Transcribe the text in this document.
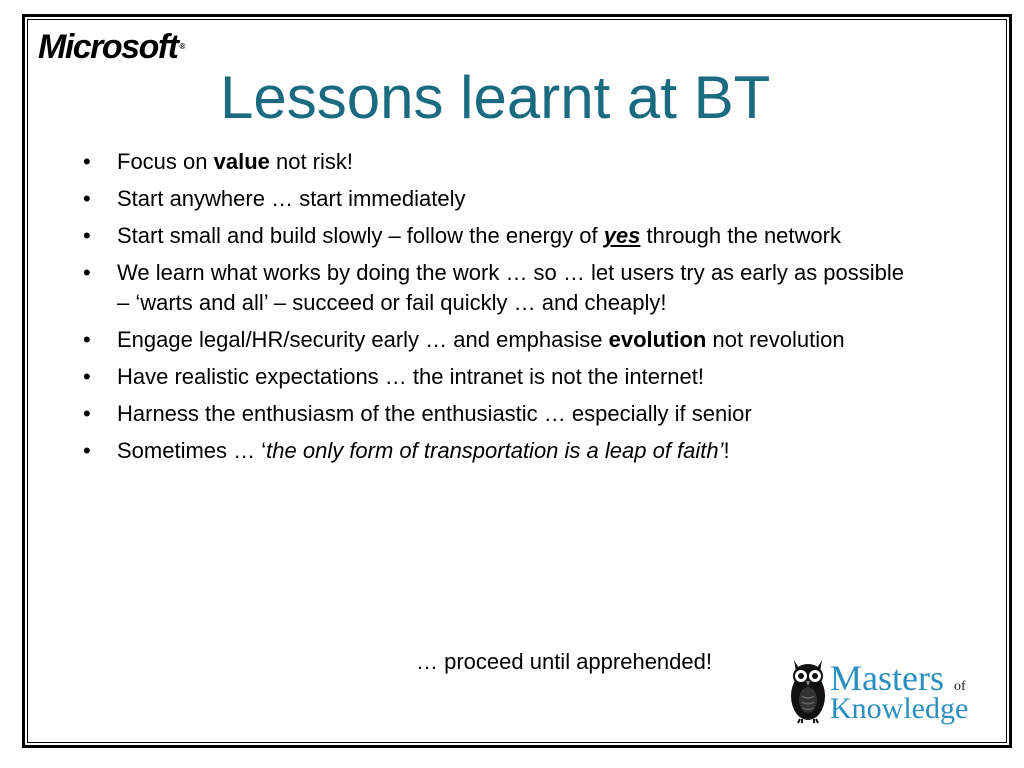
Microsoft ®
Lessons learnt at BT
• Focus on value not risk!
• Start anywhere … start immediately
• Start small and build slowly – follow the energy of yes through the network
• We learn what works by doing the work … so … let users try as early as possible – ‘warts and all’ – succeed or fail quickly … and cheaply!
• Engage legal/HR/security early … and emphasise evolution not revolution
• Have realistic expectations … the intranet is not the internet!
• Harness the enthusiasm of the enthusiastic … especially if senior
• Sometimes … ‘the only form of transportation is a leap of faith’!
… proceed until apprehended!	Masters of
Knowledge
